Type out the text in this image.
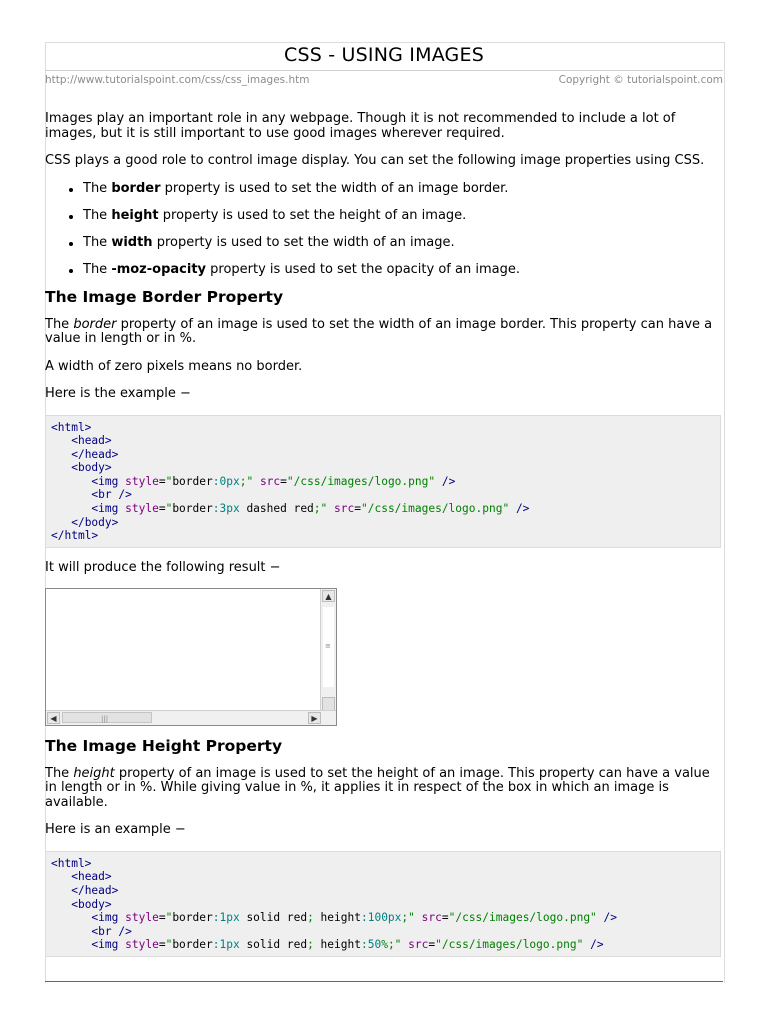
CSS - USING IMAGES
http://www.tutorialspoint.com/css/css_images.htm	Copyright © tutorialspoint.com

Images play an important role in any webpage. Though it is not recommended to include a lot of images, but it is still important to use good images wherever required.

CSS plays a good role to control image display. You can set the following image properties using CSS.

The border property is used to set the width of an image border.
The height property is used to set the height of an image.
The width property is used to set the width of an image.
The -moz-opacity property is used to set the opacity of an image.
The Image Border Property

The border property of an image is used to set the width of an image border. This property can have a value in length or in %.

A width of zero pixels means no border.

Here is the example −

<html>
<head>
</head>
<body>
<img style="border:0px;" src="/css/images/logo.png" />
<br />
<img style="border:3px dashed red;" src="/css/images/logo.png" />
</body>
</html>

It will produce the following result −

▲
≡
◀	|||	▶
The Image Height Property

The height property of an image is used to set the height of an image. This property can have a value in length or in %. While giving value in %, it applies it in respect of the box in which an image is available.

Here is an example −

<html>
<head>
</head>
<body>
<img style="border:1px solid red; height:100px;" src="/css/images/logo.png" />
<br />
<img style="border:1px solid red; height:50%;" src="/css/images/logo.png" />
